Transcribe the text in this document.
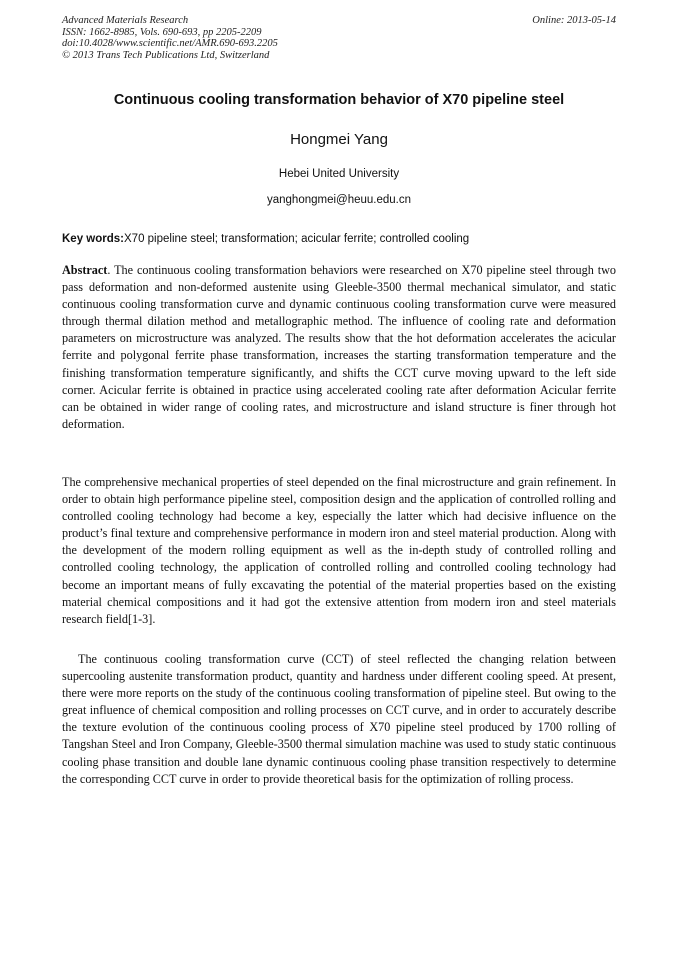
Advanced Materials Research
ISSN: 1662-8985, Vols. 690-693, pp 2205-2209
doi:10.4028/www.scientific.net/AMR.690-693.2205
© 2013 Trans Tech Publications Ltd, Switzerland
Online: 2013-05-14
Continuous cooling transformation behavior of X70 pipeline steel
Hongmei Yang
Hebei United University
yanghongmei@heuu.edu.cn
Key words:X70 pipeline steel; transformation; acicular ferrite; controlled cooling

Abstract. The continuous cooling transformation behaviors were researched on X70 pipeline steel through two pass deformation and non-deformed austenite using Gleeble-3500 thermal mechanical simulator, and static continuous cooling transformation curve and dynamic continuous cooling transformation curve were measured through thermal dilation method and metallographic method. The influence of cooling rate and deformation parameters on microstructure was analyzed. The results show that the hot deformation accelerates the acicular ferrite and polygonal ferrite phase transformation, increases the starting transformation temperature and the finishing transformation temperature significantly, and shifts the CCT curve moving upward to the left side corner. Acicular ferrite is obtained in practice using accelerated cooling rate after deformation Acicular ferrite can be obtained in wider range of cooling rates, and microstructure and island structure is finer through hot deformation.

The comprehensive mechanical properties of steel depended on the final microstructure and grain refinement. In order to obtain high performance pipeline steel, composition design and the application of controlled rolling and controlled cooling technology had become a key, especially the latter which had decisive influence on the product’s final texture and comprehensive performance in modern iron and steel material production. Along with the development of the modern rolling equipment as well as the in-depth study of controlled rolling and controlled cooling technology, the application of controlled rolling and controlled cooling technology had become an important means of fully excavating the potential of the material properties based on the existing material chemical compositions and it had got the extensive attention from modern iron and steel materials research field[1-3].

The continuous cooling transformation curve (CCT) of steel reflected the changing relation between supercooling austenite transformation product, quantity and hardness under different cooling speed. At present, there were more reports on the study of the continuous cooling transformation of pipeline steel. But owing to the great influence of chemical composition and rolling processes on CCT curve, and in order to accurately describe the texture evolution of the continuous cooling process of X70 pipeline steel produced by 1700 rolling of Tangshan Steel and Iron Company, Gleeble-3500 thermal simulation machine was used to study static continuous cooling phase transition and double lane dynamic continuous cooling phase transition respectively to determine the corresponding CCT curve in order to provide theoretical basis for the optimization of rolling process.
